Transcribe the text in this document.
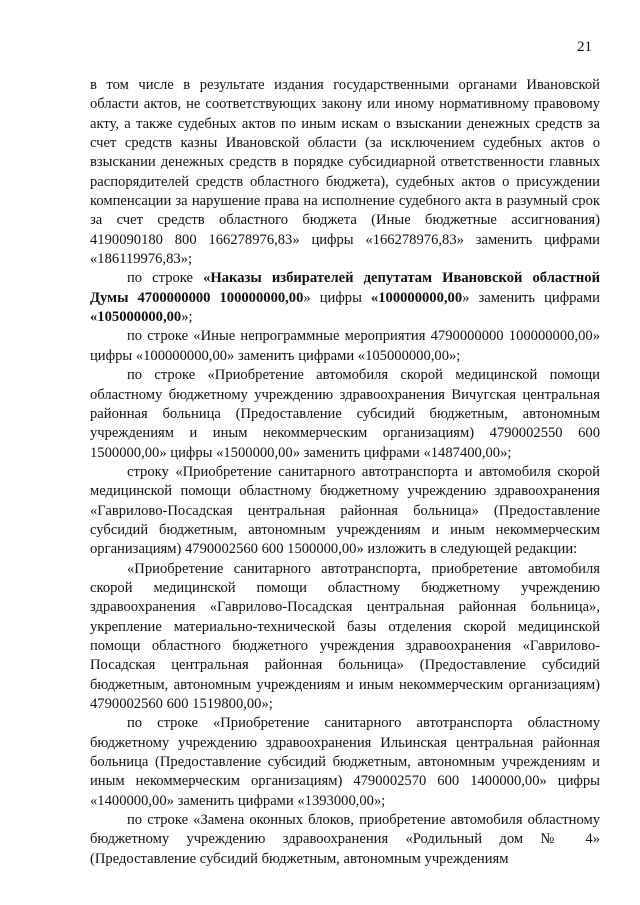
21

в том числе в результате издания государственными органами Ивановской области актов, не соответствующих закону или иному нормативному правовому акту, а также судебных актов по иным искам о взыскании денежных средств за счет средств казны Ивановской области (за исключением судебных актов о взыскании денежных средств в порядке субсидиарной ответственности главных распорядителей средств областного бюджета), судебных актов о присуждении компенсации за нарушение права на исполнение судебного акта в разумный срок за счет средств областного бюджета (Иные бюджетные ассигнования) 4190090180 800 166278976,83» цифры «166278976,83» заменить цифрами «186119976,83»;

по строке «Наказы избирателей депутатам Ивановской областной Думы 4700000000 100000000,00» цифры «100000000,00» заменить цифрами «105000000,00»;

по строке «Иные непрограммные мероприятия 4790000000 100000000,00» цифры «100000000,00» заменить цифрами «105000000,00»;

по строке «Приобретение автомобиля скорой медицинской помощи областному бюджетному учреждению здравоохранения Вичугская центральная районная больница (Предоставление субсидий бюджетным, автономным учреждениям и иным некоммерческим организациям) 4790002550 600 1500000,00» цифры «1500000,00» заменить цифрами «1487400,00»;

строку «Приобретение санитарного автотранспорта и автомобиля скорой медицинской помощи областному бюджетному учреждению здравоохранения «Гаврилово-Посадская центральная районная больница» (Предоставление субсидий бюджетным, автономным учреждениям и иным некоммерческим организациям) 4790002560 600 1500000,00» изложить в следующей редакции:

«Приобретение санитарного автотранспорта, приобретение автомобиля скорой медицинской помощи областному бюджетному учреждению здравоохранения «Гаврилово-Посадская центральная районная больница», укрепление материально-технической базы отделения скорой медицинской помощи областного бюджетного учреждения здравоохранения «Гаврилово-Посадская центральная районная больница» (Предоставление субсидий бюджетным, автономным учреждениям и иным некоммерческим организациям) 4790002560 600 1519800,00»;

по строке «Приобретение санитарного автотранспорта областному бюджетному учреждению здравоохранения Ильинская центральная районная больница (Предоставление субсидий бюджетным, автономным учреждениям и иным некоммерческим организациям) 4790002570 600 1400000,00» цифры «1400000,00» заменить цифрами «1393000,00»;

по строке «Замена оконных блоков, приобретение автомобиля областному бюджетному учреждению здравоохранения «Родильный дом № 4» (Предоставление субсидий бюджетным, автономным учреждениям
